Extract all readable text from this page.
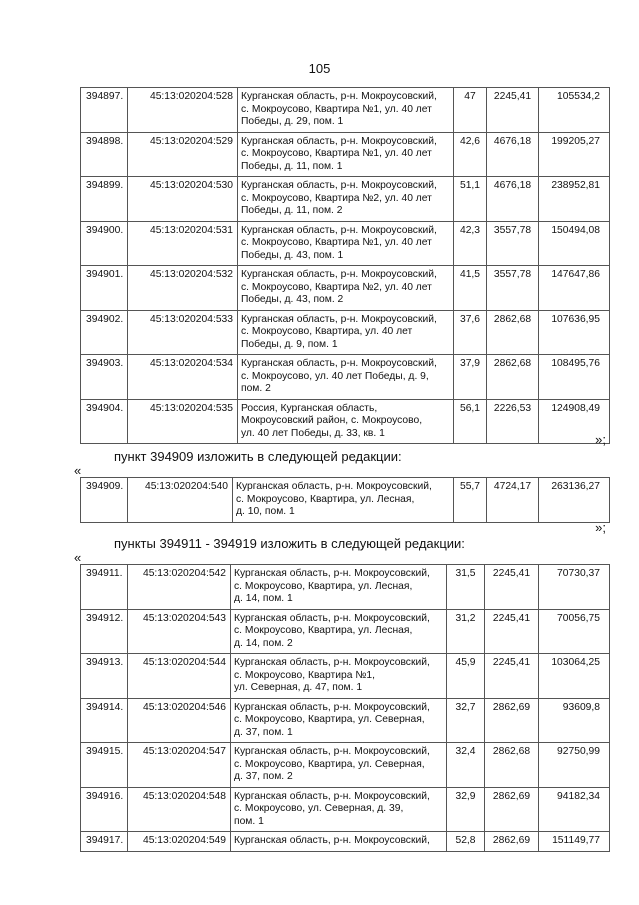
105
394897.	45:13:020204:528	Курганская область, р-н. Мокроусовский,
с. Мокроусово, Квартира №1, ул. 40 лет
Победы, д. 29, пом. 1	47	2245,41	105534,2
394898.	45:13:020204:529	Курганская область, р-н. Мокроусовский,
с. Мокроусово, Квартира №1, ул. 40 лет
Победы, д. 11, пом. 1	42,6	4676,18	199205,27
394899.	45:13:020204:530	Курганская область, р-н. Мокроусовский,
с. Мокроусово, Квартира №2, ул. 40 лет
Победы, д. 11, пом. 2	51,1	4676,18	238952,81
394900.	45:13:020204:531	Курганская область, р-н. Мокроусовский,
с. Мокроусово, Квартира №1, ул. 40 лет
Победы, д. 43, пом. 1	42,3	3557,78	150494,08
394901.	45:13:020204:532	Курганская область, р-н. Мокроусовский,
с. Мокроусово, Квартира №2, ул. 40 лет
Победы, д. 43, пом. 2	41,5	3557,78	147647,86
394902.	45:13:020204:533	Курганская область, р-н. Мокроусовский,
с. Мокроусово, Квартира, ул. 40 лет
Победы, д. 9, пом. 1	37,6	2862,68	107636,95
394903.	45:13:020204:534	Курганская область, р-н. Мокроусовский,
с. Мокроусово, ул. 40 лет Победы, д. 9,
пом. 2	37,9	2862,68	108495,76
394904.	45:13:020204:535	Россия, Курганская область,
Мокроусовский район, с. Мокроусово,
ул. 40 лет Победы, д. 33, кв. 1	56,1	2226,53	124908,49
»;
пункт 394909 изложить в следующей редакции:
«
394909.	45:13:020204:540	Курганская область, р-н. Мокроусовский,
с. Мокроусово, Квартира, ул. Лесная,
д. 10, пом. 1
	55,7	4724,17	263136,27
»;
пункты 394911 - 394919 изложить в следующей редакции:
«
394911.	45:13:020204:542	Курганская область, р-н. Мокроусовский,
с. Мокроусово, Квартира, ул. Лесная,
д. 14, пом. 1	31,5	2245,41	70730,37
394912.	45:13:020204:543	Курганская область, р-н. Мокроусовский,
с. Мокроусово, Квартира, ул. Лесная,
д. 14, пом. 2	31,2	2245,41	70056,75
394913.	45:13:020204:544	Курганская область, р-н. Мокроусовский,
с. Мокроусово, Квартира №1,
ул. Северная, д. 47, пом. 1	45,9	2245,41	103064,25
394914.	45:13:020204:546	Курганская область, р-н. Мокроусовский,
с. Мокроусово, Квартира, ул. Северная,
д. 37, пом. 1	32,7	2862,69	93609,8
394915.	45:13:020204:547	Курганская область, р-н. Мокроусовский,
с. Мокроусово, Квартира, ул. Северная,
д. 37, пом. 2	32,4	2862,68	92750,99
394916.	45:13:020204:548	Курганская область, р-н. Мокроусовский,
с. Мокроусово, ул. Северная, д. 39,
пом. 1	32,9	2862,69	94182,34
394917.	45:13:020204:549	Курганская область, р-н. Мокроусовский,	52,8	2862,69	151149,77
